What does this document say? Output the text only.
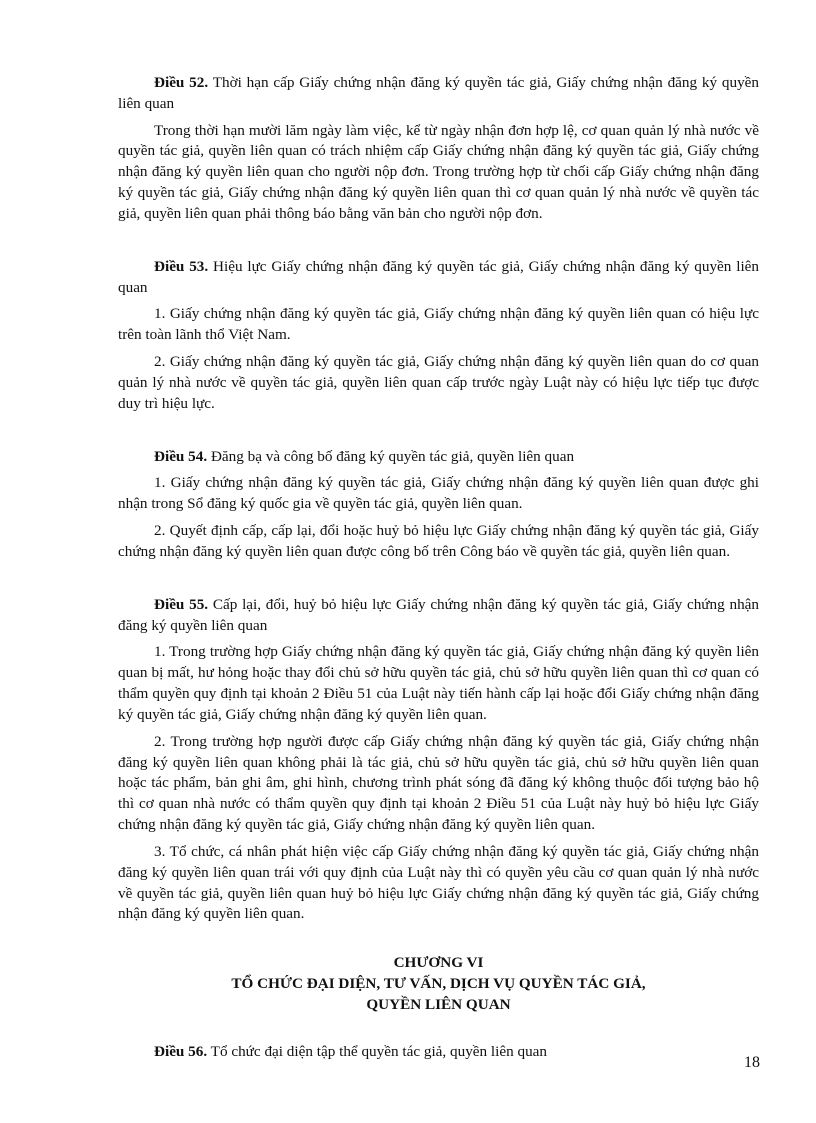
Điều 52. Thời hạn cấp Giấy chứng nhận đăng ký quyền tác giả, Giấy chứng nhận đăng ký quyền liên quan

Trong thời hạn mười lăm ngày làm việc, kể từ ngày nhận đơn hợp lệ, cơ quan quản lý nhà nước về quyền tác giả, quyền liên quan có trách nhiệm cấp Giấy chứng nhận đăng ký quyền tác giả, Giấy chứng nhận đăng ký quyền liên quan cho người nộp đơn. Trong trường hợp từ chối cấp Giấy chứng nhận đăng ký quyền tác giả, Giấy chứng nhận đăng ký quyền liên quan thì cơ quan quản lý nhà nước về quyền tác giả, quyền liên quan phải thông báo bằng văn bản cho người nộp đơn.

Điều 53. Hiệu lực Giấy chứng nhận đăng ký quyền tác giả, Giấy chứng nhận đăng ký quyền liên quan

1. Giấy chứng nhận đăng ký quyền tác giả, Giấy chứng nhận đăng ký quyền liên quan có hiệu lực trên toàn lãnh thổ Việt Nam.

2. Giấy chứng nhận đăng ký quyền tác giả, Giấy chứng nhận đăng ký quyền liên quan do cơ quan quản lý nhà nước về quyền tác giả, quyền liên quan cấp trước ngày Luật này có hiệu lực tiếp tục được duy trì hiệu lực.

Điều 54. Đăng bạ và công bố đăng ký quyền tác giả, quyền liên quan

1. Giấy chứng nhận đăng ký quyền tác giả, Giấy chứng nhận đăng ký quyền liên quan được ghi nhận trong Sổ đăng ký quốc gia về quyền tác giả, quyền liên quan.

2. Quyết định cấp, cấp lại, đổi hoặc huỷ bỏ hiệu lực Giấy chứng nhận đăng ký quyền tác giả, Giấy chứng nhận đăng ký quyền liên quan được công bố trên Công báo về quyền tác giả, quyền liên quan.

Điều 55. Cấp lại, đổi, huỷ bỏ hiệu lực Giấy chứng nhận đăng ký quyền tác giả, Giấy chứng nhận đăng ký quyền liên quan

1. Trong trường hợp Giấy chứng nhận đăng ký quyền tác giả, Giấy chứng nhận đăng ký quyền liên quan bị mất, hư hỏng hoặc thay đổi chủ sở hữu quyền tác giả, chủ sở hữu quyền liên quan thì cơ quan có thẩm quyền quy định tại khoản 2 Điều 51 của Luật này tiến hành cấp lại hoặc đổi Giấy chứng nhận đăng ký quyền tác giả, Giấy chứng nhận đăng ký quyền liên quan.

2. Trong trường hợp người được cấp Giấy chứng nhận đăng ký quyền tác giả, Giấy chứng nhận đăng ký quyền liên quan không phải là tác giả, chủ sở hữu quyền tác giả, chủ sở hữu quyền liên quan hoặc tác phẩm, bản ghi âm, ghi hình, chương trình phát sóng đã đăng ký không thuộc đối tượng bảo hộ thì cơ quan nhà nước có thẩm quyền quy định tại khoản 2 Điều 51 của Luật này huỷ bỏ hiệu lực Giấy chứng nhận đăng ký quyền tác giả, Giấy chứng nhận đăng ký quyền liên quan.

3. Tổ chức, cá nhân phát hiện việc cấp Giấy chứng nhận đăng ký quyền tác giả, Giấy chứng nhận đăng ký quyền liên quan trái với quy định của Luật này thì có quyền yêu cầu cơ quan quản lý nhà nước về quyền tác giả, quyền liên quan huỷ bỏ hiệu lực Giấy chứng nhận đăng ký quyền tác giả, Giấy chứng nhận đăng ký quyền liên quan.

CHƯƠNG VI
TỔ CHỨC ĐẠI DIỆN, TƯ VẤN, DỊCH VỤ QUYỀN TÁC GIẢ,
QUYỀN LIÊN QUAN

Điều 56. Tổ chức đại diện tập thể quyền tác giả, quyền liên quan

18
